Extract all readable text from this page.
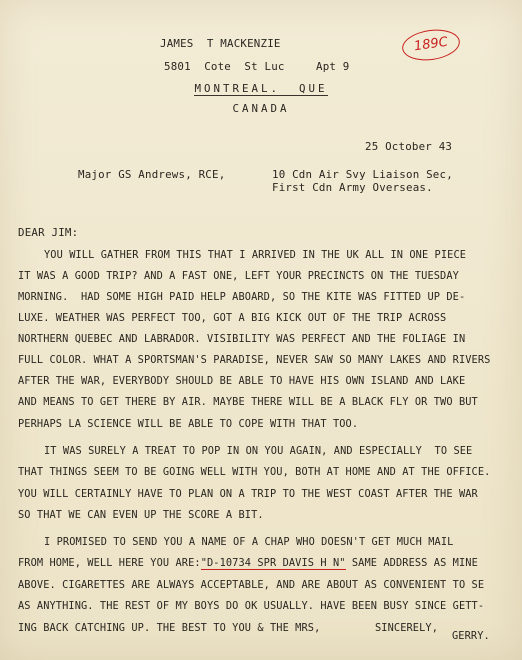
JAMES  T MACKENZIE
5801  Cote  St Luc	Apt 9
MONTREAL.  QUE
CANADA
189C
25 October 43
Major GS Andrews, RCE,	10 Cdn Air Svy Liaison Sec,
First Cdn Army Overseas.
DEAR JIM:
YOU WILL GATHER FROM THIS THAT I ARRIVED IN THE UK ALL IN ONE PIECE
IT WAS A GOOD TRIP? AND A FAST ONE, LEFT YOUR PRECINCTS ON THE TUESDAY
MORNING.  HAD SOME HIGH PAID HELP ABOARD, SO THE KITE WAS FITTED UP DE-
LUXE. WEATHER WAS PERFECT TOO, GOT A BIG KICK OUT OF THE TRIP ACROSS
NORTHERN QUEBEC AND LABRADOR. VISIBILITY WAS PERFECT AND THE FOLIAGE IN
FULL COLOR. WHAT A SPORTSMAN'S PARADISE, NEVER SAW SO MANY LAKES AND RIVERS
AFTER THE WAR, EVERYBODY SHOULD BE ABLE TO HAVE HIS OWN ISLAND AND LAKE
AND MEANS TO GET THERE BY AIR. MAYBE THERE WILL BE A BLACK FLY OR TWO BUT
PERHAPS LA SCIENCE WILL BE ABLE TO COPE WITH THAT TOO.
IT WAS SURELY A TREAT TO POP IN ON YOU AGAIN, AND ESPECIALLY  TO SEE
THAT THINGS SEEM TO BE GOING WELL WITH YOU, BOTH AT HOME AND AT THE OFFICE.
YOU WILL CERTAINLY HAVE TO PLAN ON A TRIP TO THE WEST COAST AFTER THE WAR
SO THAT WE CAN EVEN UP THE SCORE A BIT.
I PROMISED TO SEND YOU A NAME OF A CHAP WHO DOESN'T GET MUCH MAIL
FROM HOME, WELL HERE YOU ARE:"D-10734 SPR DAVIS H N" SAME ADDRESS AS MINE
ABOVE. CIGARETTES ARE ALWAYS ACCEPTABLE, AND ARE ABOUT AS CONVENIENT TO SE
AS ANYTHING. THE REST OF MY BOYS DO OK USUALLY. HAVE BEEN BUSY SINCE GETT-
ING BACK CATCHING UP. THE BEST TO YOU & THE MRS,	SINCERELY,
GERRY.
